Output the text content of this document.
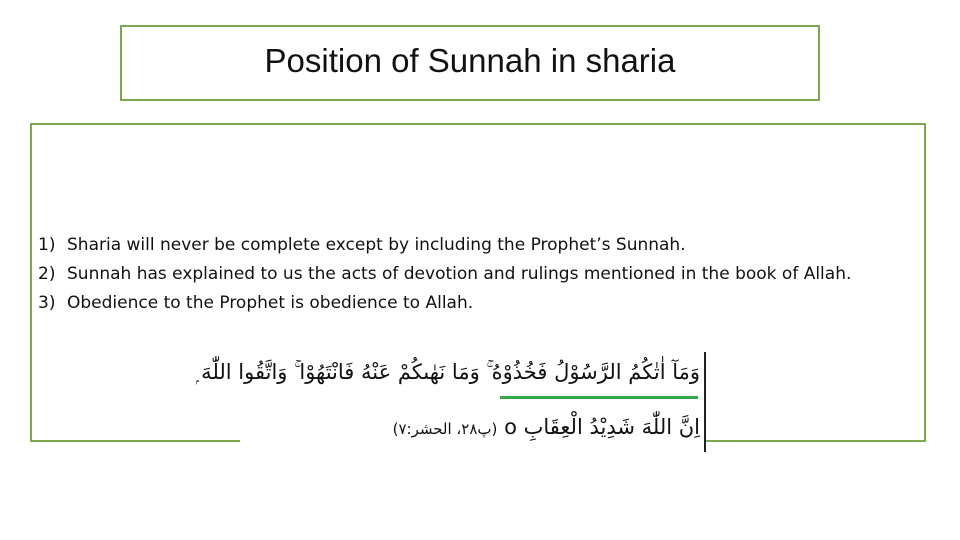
Position of Sunnah in sharia
1) Sharia will never be complete except by including the Prophet’s Sunnah.
2) Sunnah has explained to us the acts of devotion and rulings mentioned in the book of Allah.
3) Obedience to the Prophet is obedience to Allah.
وَمَآ اٰتٰكُمُ الرَّسُوْلُ فَخُذُوْهُ ۚ وَمَا نَهٰىكُمْ عَنْهُ فَانْتَهُوْا ۚ وَاتَّقُوا اللّٰهَ ۭ
اِنَّ اللّٰهَ شَدِيْدُ الْعِقَابِ o (پ۲۸، الحشر:۷)
